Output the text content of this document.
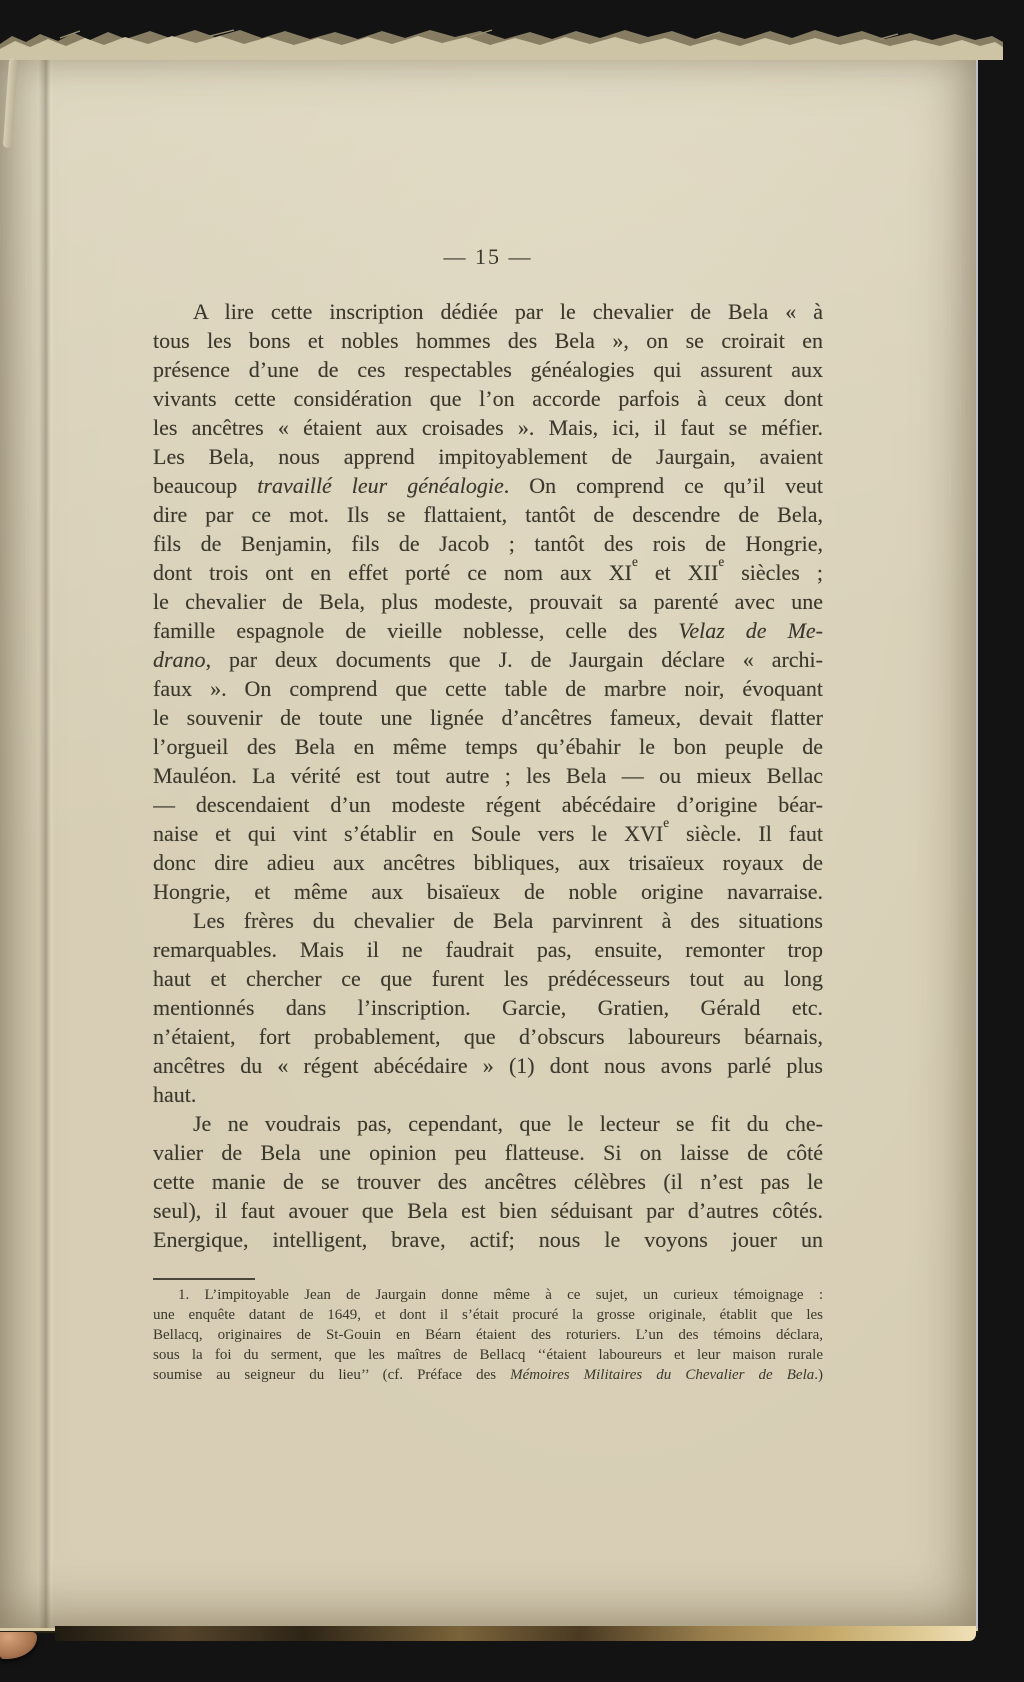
— 15 —
A lire cette inscription dédiée par le chevalier de Bela « à
tous les bons et nobles hommes des Bela », on se croirait en
présence d’une de ces respectables généalogies qui assurent aux
vivants cette considération que l’on accorde parfois à ceux dont
les ancêtres « étaient aux croisades ». Mais, ici, il faut se méfier.
Les Bela, nous apprend impitoyablement de Jaurgain, avaient
beaucoup travaillé leur généalogie. On comprend ce qu’il veut
dire par ce mot. Ils se flattaient, tantôt de descendre de Bela,
fils de Benjamin, fils de Jacob ; tantôt des rois de Hongrie,
dont trois ont en effet porté ce nom aux XIe et XIIe siècles ;
le chevalier de Bela, plus modeste, prouvait sa parenté avec une
famille espagnole de vieille noblesse, celle des Velaz de Me-
drano, par deux documents que J. de Jaurgain déclare « archi-
faux ». On comprend que cette table de marbre noir, évoquant
le souvenir de toute une lignée d’ancêtres fameux, devait flatter
l’orgueil des Bela en même temps qu’ébahir le bon peuple de
Mauléon. La vérité est tout autre ; les Bela — ou mieux Bellac
— descendaient d’un modeste régent abécédaire d’origine béar-
naise et qui vint s’établir en Soule vers le XVIe siècle. Il faut
donc dire adieu aux ancêtres bibliques, aux trisaïeux royaux de
Hongrie, et même aux bisaïeux de noble origine navarraise.
Les frères du chevalier de Bela parvinrent à des situations
remarquables. Mais il ne faudrait pas, ensuite, remonter trop
haut et chercher ce que furent les prédécesseurs tout au long
mentionnés dans l’inscription. Garcie, Gratien, Gérald etc.
n’étaient, fort probablement, que d’obscurs laboureurs béarnais,
ancêtres du « régent abécédaire » (1) dont nous avons parlé plus
haut.
Je ne voudrais pas, cependant, que le lecteur se fit du che-
valier de Bela une opinion peu flatteuse. Si on laisse de côté
cette manie de se trouver des ancêtres célèbres (il n’est pas le
seul), il faut avouer que Bela est bien séduisant par d’autres côtés.
Energique, intelligent, brave, actif; nous le voyons jouer un
1. L’impitoyable Jean de Jaurgain donne même à ce sujet, un curieux témoignage :
une enquête datant de 1649, et dont il s’était procuré la grosse originale, établit que les
Bellacq, originaires de St-Gouin en Béarn étaient des roturiers. L’un des témoins déclara,
sous la foi du serment, que les maîtres de Bellacq ‘‘étaient laboureurs et leur maison rurale
soumise au seigneur du lieu’’ (cf. Préface des Mémoires Militaires du Chevalier de Bela.)
